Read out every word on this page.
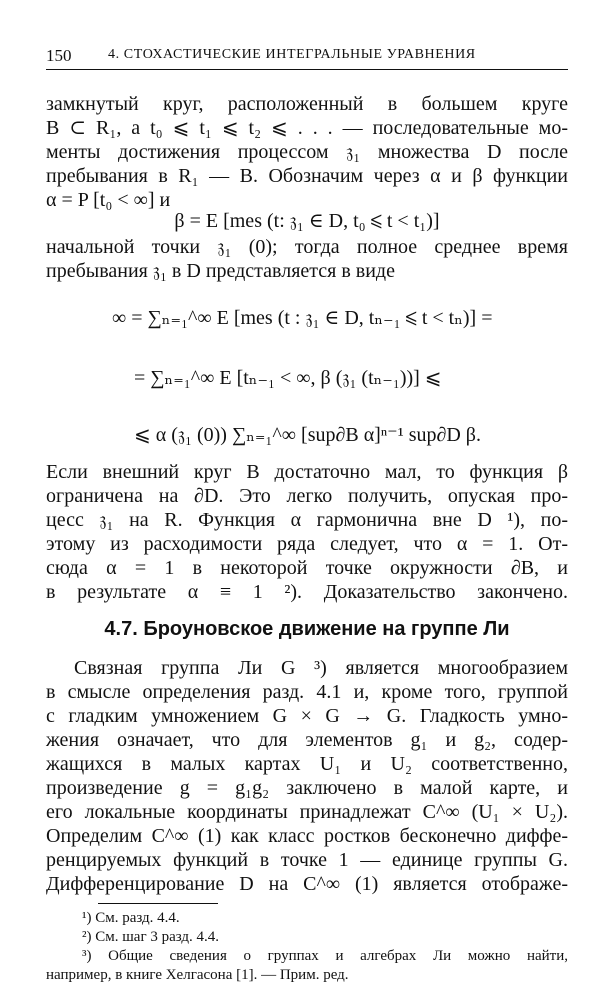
150	4. СТОХАСТИЧЕСКИЕ ИНТЕГРАЛЬНЫЕ УРАВНЕНИЯ
замкнутый круг, расположенный в большем круге
B ⊂ R₁, а t₀ ⩽ t₁ ⩽ t₂ ⩽ . . . — последовательные мо-
менты достижения процессом 𝔷₁ множества D после
пребывания в R₁ — B. Обозначим через α и β функции
α = P [t₀ < ∞] и
β = E [mes (t: 𝔷₁ ∈ D, t₀ ⩽ t < t₁)]
начальной точки 𝔷₁ (0); тогда полное среднее время
пребывания 𝔷₁ в D представляется в виде
∞ = ∑ₙ₌₁^∞ E [mes (t : 𝔷₁ ∈ D, tₙ₋₁ ⩽ t < tₙ)] =
= ∑ₙ₌₁^∞ E [tₙ₋₁ < ∞, β (𝔷₁ (tₙ₋₁))] ⩽
⩽ α (𝔷₁ (0)) ∑ₙ₌₁^∞ [sup∂B α]ⁿ⁻¹ sup∂D β.
Если внешний круг B достаточно мал, то функция β
ограничена на ∂D. Это легко получить, опуская про-
цесс 𝔷₁ на R. Функция α гармонична вне D ¹), по-
этому из расходимости ряда следует, что α = 1. От-
сюда α = 1 в некоторой точке окружности ∂B, и
в результате α ≡ 1 ²). Доказательство закончено.
4.7. Броуновское движение на группе Ли
Связная группа Ли G ³) является многообразием
в смысле определения разд. 4.1 и, кроме того, группой
с гладким умножением G × G → G. Гладкость умно-
жения означает, что для элементов g₁ и g₂, содер-
жащихся в малых картах U₁ и U₂ соответственно,
произведение g = g₁g₂ заключено в малой карте, и
его локальные координаты принадлежат C^∞ (U₁ × U₂).
Определим C^∞ (1) как класс ростков бесконечно диффе-
ренцируемых функций в точке 1 — единице группы G.
Дифференцирование D на C^∞ (1) является отображе-
¹) См. разд. 4.4.
²) См. шаг 3 разд. 4.4.
³) Общие сведения о группах и алгебрах Ли можно найти,
например, в книге Хелгасона [1]. — Прим. ред.
